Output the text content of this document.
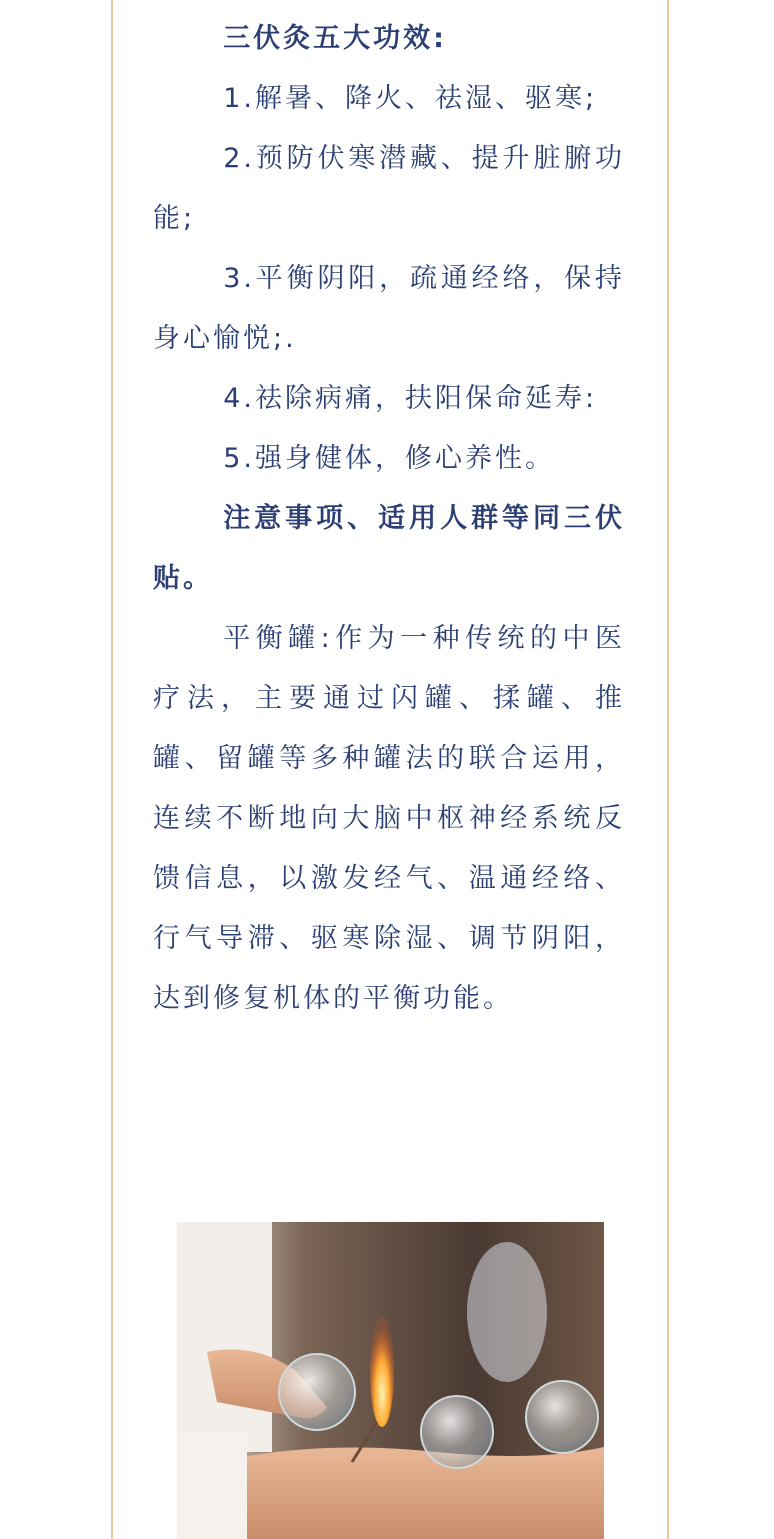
三伏灸五大功效:

1.解暑、降火、祛湿、驱寒;

2.预防伏寒潜藏、提升脏腑功能;

3.平衡阴阳，疏通经络，保持身心愉悦;.

4.祛除病痛，扶阳保命延寿:

5.强身健体，修心养性。

注意事项、适用人群等同三伏贴。

平衡罐:作为一种传统的中医疗法，主要通过闪罐、揉罐、推罐、留罐等多种罐法的联合运用，连续不断地向大脑中枢神经系统反馈信息，以激发经气、温通经络、行气导滞、驱寒除湿、调节阴阳，达到修复机体的平衡功能。
